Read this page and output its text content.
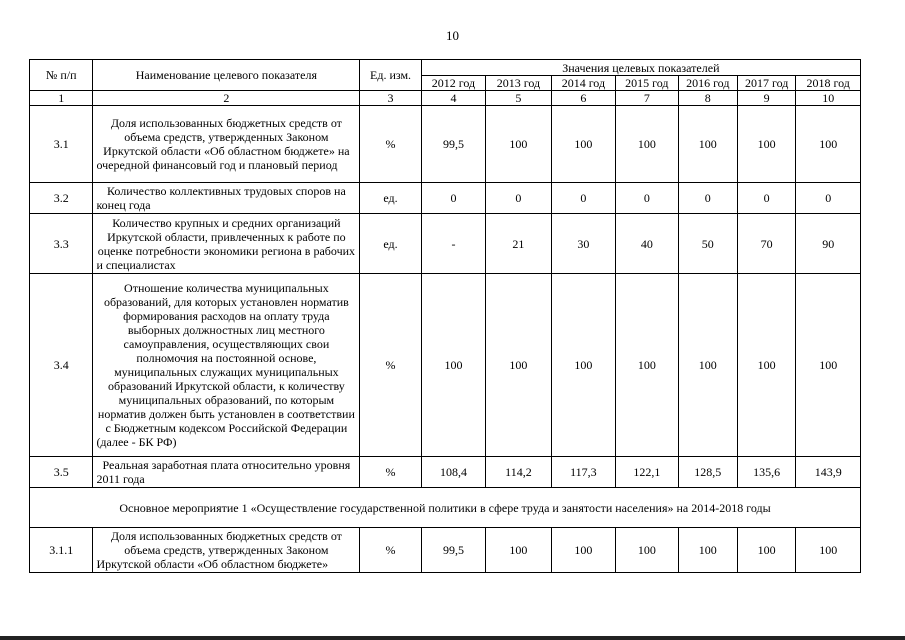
10
№ п/п	Наименование целевого показателя	Ед. изм.	Значения целевых показателей						
			2012 год	2013 год	2014 год	2015 год	2016 год	2017 год	2018 год
1	2	3	4	5	6	7	8	9	10
3.1	Доля использованных бюджетных средств от объема средств, утвержденных Законом Иркутской области «Об областном бюджете» на очередной финансовый год и плановый период	%	99,5	100	100	100	100	100	100
3.2	Количество коллективных трудовых споров на конец года	ед.	0	0	0	0	0	0	0
3.3	Количество крупных и средних организаций Иркутской области, привлеченных к работе по оценке потребности экономики региона в рабочих и специалистах	ед.	-	21	30	40	50	70	90
3.4	Отношение количества муниципальных образований, для которых установлен норматив формирования расходов на оплату труда выборных должностных лиц местного самоуправления, осуществляющих свои полномочия на постоянной основе, муниципальных служащих муниципальных образований Иркутской области, к количеству муниципальных образований, по которым норматив должен быть установлен в соответствии с Бюджетным кодексом Российской Федерации (далее - БК РФ)	%	100	100	100	100	100	100	100
3.5	Реальная заработная плата относительно уровня 2011 года	%	108,4	114,2	117,3	122,1	128,5	135,6	143,9
Основное мероприятие 1 «Осуществление государственной политики в сфере труда и занятости населения» на 2014-2018 годы									
3.1.1	Доля использованных бюджетных средств от объема средств, утвержденных Законом Иркутской области «Об областном бюджете»	%	99,5	100	100	100	100	100	100
